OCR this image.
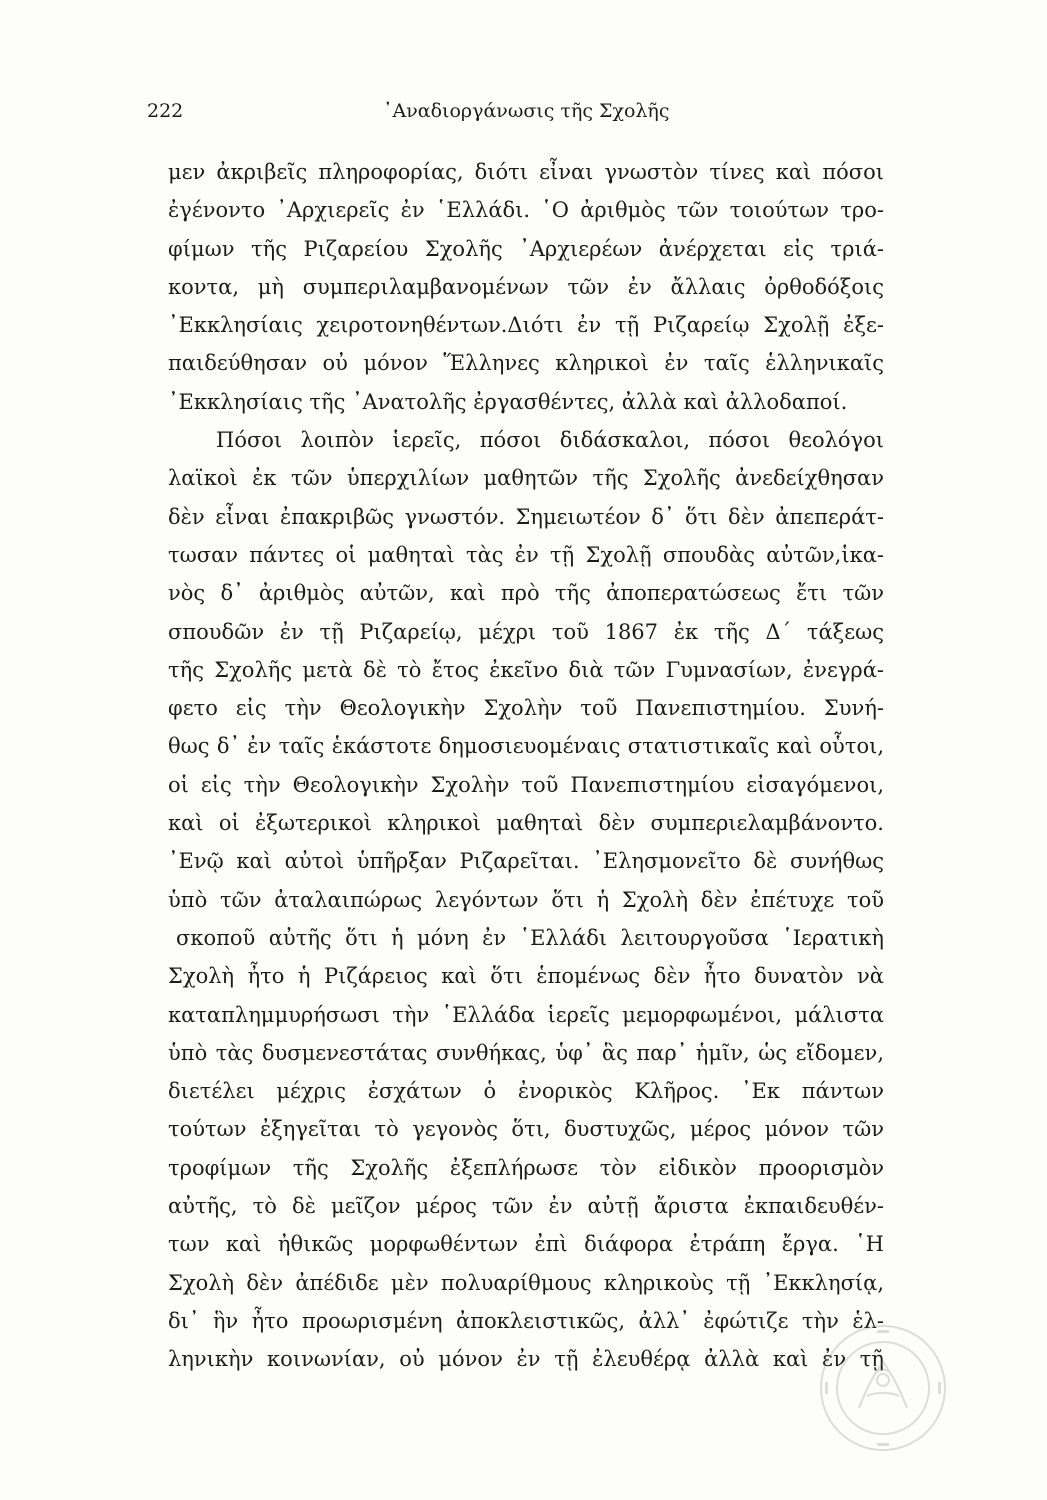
222	᾿Αναδιοργάνωσις τῆς Σχολῆς
μεν ἀκριβεῖς πληροφορίας, διότι εἶναι γνωστὸν τίνες καὶ πόσοι
ἐγένοντο ᾿Αρχιερεῖς ἐν ῾Ελλάδι. ῾Ο ἀριθμὸς τῶν τοιούτων τρο-
φίμων τῆς Ριζαρείου Σχολῆς ᾿Αρχιερέων ἀνέρχεται εἰς τριά-
κοντα, μὴ συμπεριλαμβανομένων τῶν ἐν ἄλλαις ὀρθοδόξοις
᾿Εκκλησίαις χειροτονηθέντων.Διότι ἐν τῇ Ριζαρείῳ Σχολῇ ἐξε-
παιδεύθησαν οὐ μόνον Ἕλληνες κληρικοὶ ἐν ταῖς ἑλληνικαῖς
᾿Εκκλησίαις τῆς ᾿Ανατολῆς ἐργασθέντες, ἀλλὰ καὶ ἀλλοδαποί.
Πόσοι λοιπὸν ἱερεῖς, πόσοι διδάσκαλοι, πόσοι θεολόγοι
λαϊκοὶ ἐκ τῶν ὑπερχιλίων μαθητῶν τῆς Σχολῆς ἀνεδείχθησαν
δὲν εἶναι ἐπακριβῶς γνωστόν. Σημειωτέον δ᾿ ὅτι δὲν ἀπεπεράτ-
τωσαν πάντες οἱ μαθηταὶ τὰς ἐν τῇ Σχολῇ σπουδὰς αὐτῶν,ἱκα-
νὸς δ᾿ ἀριθμὸς αὐτῶν, καὶ πρὸ τῆς ἀποπερατώσεως ἔτι τῶν
σπουδῶν ἐν τῇ Ριζαρείῳ, μέχρι τοῦ 1867 ἐκ τῆς Δ΄ τάξεως
τῆς Σχολῆς μετὰ δὲ τὸ ἔτος ἐκεῖνο διὰ τῶν Γυμνασίων, ἐνεγρά-
φετο εἰς τὴν Θεολογικὴν Σχολὴν τοῦ Πανεπιστημίου. Συνή-
θως δ᾿ ἐν ταῖς ἑκάστοτε δημοσιευομέναις στατιστικαῖς καὶ οὗτοι,
οἱ εἰς τὴν Θεολογικὴν Σχολὴν τοῦ Πανεπιστημίου εἰσαγόμενοι,
καὶ οἱ ἐξωτερικοὶ κληρικοὶ μαθηταὶ δὲν συμπεριελαμβάνοντο.
᾿Ενῷ καὶ αὐτοὶ ὑπῆρξαν Ριζαρεῖται. ᾿Ελησμονεῖτο δὲ συνήθως
ὑπὸ τῶν ἀταλαιπώρως λεγόντων ὅτι ἡ Σχολὴ δὲν ἐπέτυχε τοῦ
σκοποῦ αὐτῆς ὅτι ἡ μόνη ἐν ῾Ελλάδι λειτουργοῦσα ῾Ιερατικὴ
Σχολὴ ἦτο ἡ Ριζάρειος καὶ ὅτι ἑπομένως δὲν ἦτο δυνατὸν νὰ
καταπλημμυρήσωσι τὴν ῾Ελλάδα ἱερεῖς μεμορφωμένοι, μάλιστα
ὑπὸ τὰς δυσμενεστάτας συνθήκας, ὑφ᾿ ἃς παρ᾿ ἡμῖν, ὡς εἴδομεν,
διετέλει μέχρις ἐσχάτων ὁ ἐνορικὸς Κλῆρος. ᾿Εκ πάντων
τούτων ἐξηγεῖται τὸ γεγονὸς ὅτι, δυστυχῶς, μέρος μόνον τῶν
τροφίμων τῆς Σχολῆς ἐξεπλήρωσε τὸν εἰδικὸν προορισμὸν
αὐτῆς, τὸ δὲ μεῖζον μέρος τῶν ἐν αὐτῇ ἄριστα ἐκπαιδευθέν-
των καὶ ἠθικῶς μορφωθέντων ἐπὶ διάφορα ἐτράπη ἔργα. ῾Η
Σχολὴ δὲν ἀπέδιδε μὲν πολυαρίθμους κληρικοὺς τῇ ᾿Εκκλησίᾳ,
δι᾿ ἣν ἦτο προωρισμένη ἀποκλειστικῶς, ἀλλ᾿ ἐφώτιζε τὴν ἑλ-
ληνικὴν κοινωνίαν, οὐ μόνον ἐν τῇ ἐλευθέρᾳ ἀλλὰ καὶ ἐν τῇ
